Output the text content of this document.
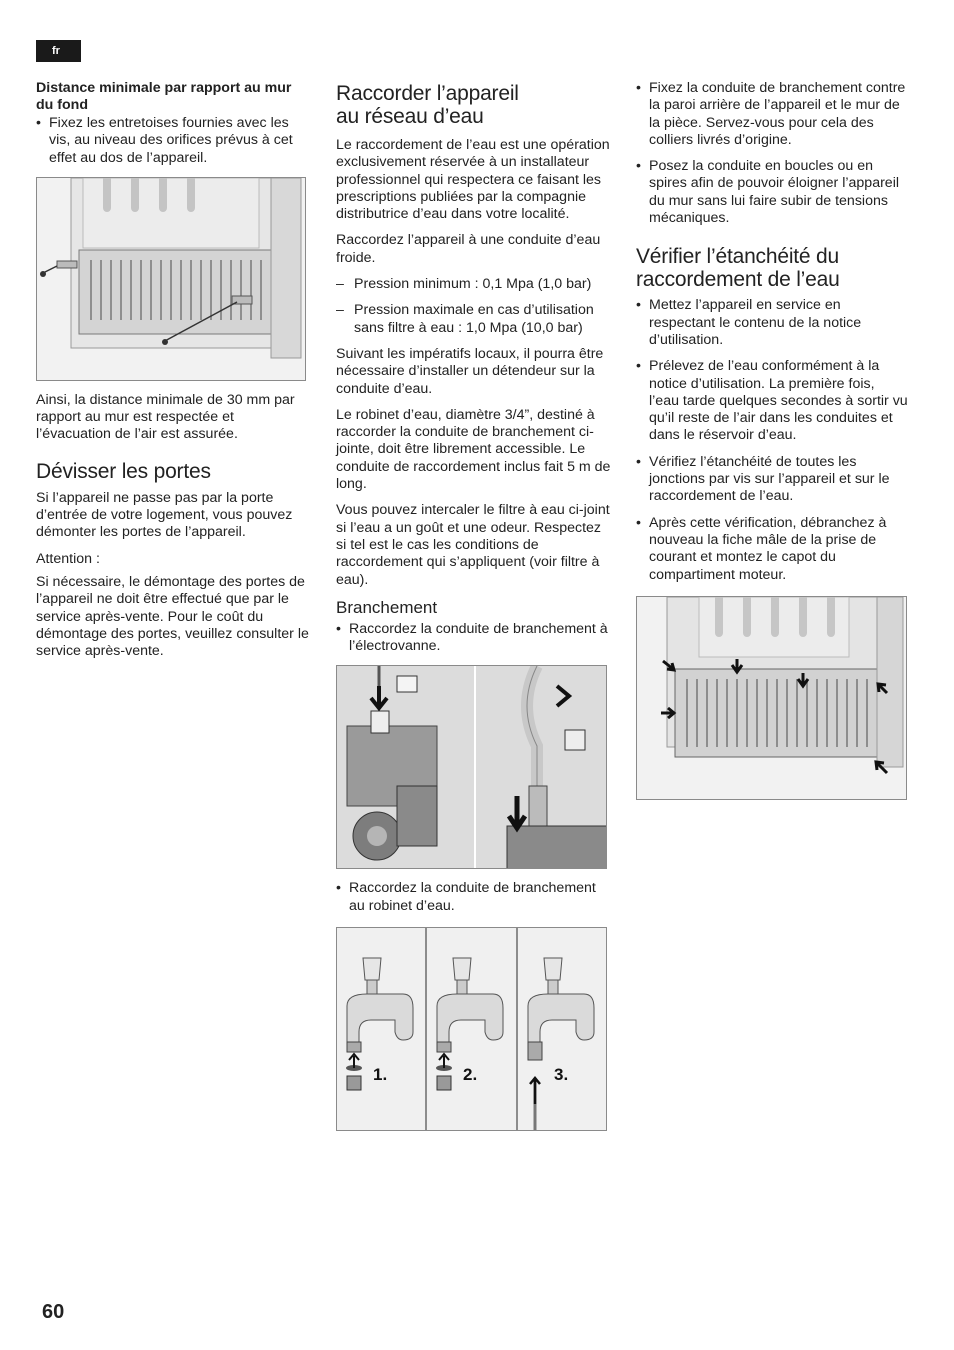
fr

Distance minimale par rapport au mur du fond

• Fixez les entretoises fournies avec les vis, au niveau des orifices prévus à cet effet au dos de l’appareil.

Ainsi, la distance minimale de 30 mm par rapport au mur est respectée et l’évacuation de l’air est assurée.

Dévisser les portes

Si l’appareil ne passe pas par la porte d’entrée de votre logement, vous pouvez démonter les portes de l’appareil.

Attention :

Si nécessaire, le démontage des portes de l’appareil ne doit être effectué que par le service après-vente. Pour le coût du démontage des portes, veuillez consulter le service après-vente.

Raccorder l’appareil
au réseau d’eau

Le raccordement de l’eau est une opération exclusivement réservée à un installateur professionnel qui respectera ce faisant les prescriptions publiées par la compagnie distributrice d’eau dans votre localité.

Raccordez l’appareil à une conduite d’eau froide.

– Pression minimum : 0,1 Mpa (1,0 bar)
– Pression maximale en cas d’utilisation sans filtre à eau : 1,0 Mpa (10,0 bar)

Suivant les impératifs locaux, il pourra être nécessaire d’installer un détendeur sur la conduite d’eau.

Le robinet d’eau, diamètre 3/4”, destiné à raccorder la conduite de branchement ci-jointe, doit être librement accessible. Le conduite de raccordement inclus fait 5 m de long.

Vous pouvez intercaler le filtre à eau ci-joint si l’eau a un goût et une odeur. Respectez si tel est le cas les conditions de raccordement qui s’appliquent (voir filtre à eau).

Branchement
• Raccordez la conduite de branchement à l’électrovanne.
• Raccordez la conduite de branchement au robinet d’eau.
1.	2.	3.
• Fixez la conduite de branchement contre la paroi arrière de l’appareil et le mur de la pièce. Servez-vous pour cela des colliers livrés d’origine.
• Posez la conduite en boucles ou en spires afin de pouvoir éloigner l’appareil du mur sans lui faire subir de tensions mécaniques.
Vérifier l’étanchéité du
raccordement de l’eau
• Mettez l’appareil en service en respectant le contenu de la notice d’utilisation.
• Prélevez de l’eau conformément à la notice d’utilisation. La première fois, l’eau tarde quelques secondes à sortir vu qu’il reste de l’air dans les conduites et dans le réservoir d’eau.
• Vérifiez l’étanchéité de toutes les jonctions par vis sur l’appareil et sur le raccordement de l’eau.
• Après cette vérification, débranchez à nouveau la fiche mâle de la prise de courant et montez le capot du compartiment moteur.
60
